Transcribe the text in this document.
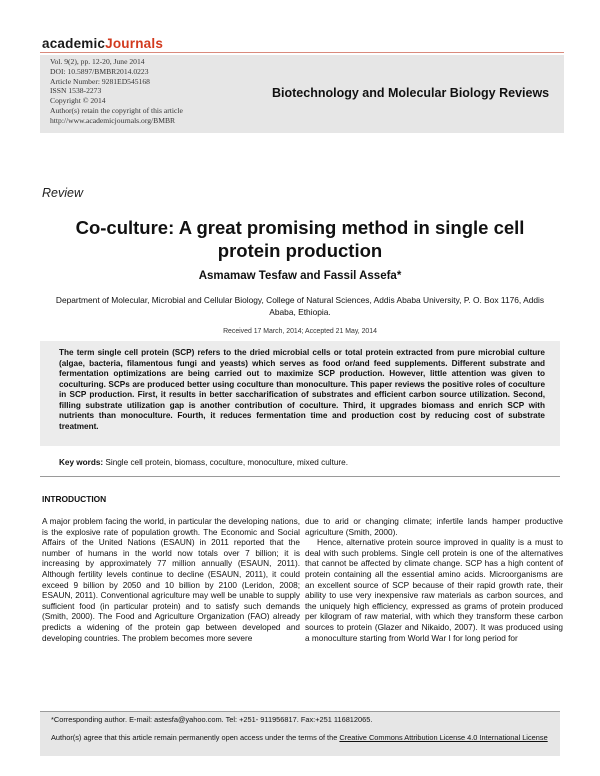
academicJournals
Vol. 9(2), pp. 12-20, June 2014
DOI: 10.5897/BMBR2014.0223
Article Number: 9281ED545168
ISSN 1538-2273
Copyright © 2014
Author(s) retain the copyright of this article
http://www.academicjournals.org/BMBR
Biotechnology and Molecular Biology Reviews
Review
Co-culture: A great promising method in single cell
protein production
Asmamaw Tesfaw and Fassil Assefa*
Department of Molecular, Microbial and Cellular Biology, College of Natural Sciences, Addis Ababa University, P. O. Box 1176, Addis Ababa, Ethiopia.
Received 17 March, 2014; Accepted 21 May, 2014
The term single cell protein (SCP) refers to the dried microbial cells or total protein extracted from pure microbial culture (algae, bacteria, filamentous fungi and yeasts) which serves as food or/and feed supplements. Different substrate and fermentation optimizations are being carried out to maximize SCP production. However, little attention was given to coculturing. SCPs are produced better using coculture than monoculture. This paper reviews the positive roles of coculture in SCP production. First, it results in better saccharification of substrates and efficient carbon source utilization. Second, filling substrate utilization gap is another contribution of coculture. Third, it upgrades biomass and enrich SCP with nutrients than monoculture. Fourth, it reduces fermentation time and production cost by reducing cost of substrate treatment.
Key words: Single cell protein, biomass, coculture, monoculture, mixed culture.
INTRODUCTION

A major problem facing the world, in particular the developing nations, is the explosive rate of population growth. The Economic and Social Affairs of the United Nations (ESAUN) in 2011 reported that the number of humans in the world now totals over 7 billion; it is increasing by approximately 77 million annually (ESAUN, 2011). Although fertility levels continue to decline (ESAUN, 2011), it could exceed 9 billion by 2050 and 10 billion by 2100 (Leridon, 2008; ESAUN, 2011). Conventional agriculture may well be unable to supply sufficient food (in particular protein) and to satisfy such demands (Smith, 2000). The Food and Agriculture Organization (FAO) already predicts a widening of the protein gap between developed and developing countries. The problem becomes more severe

due to arid or changing climate; infertile lands hamper productive agriculture (Smith, 2000).

Hence, alternative protein source improved in quality is a must to deal with such problems. Single cell protein is one of the alternatives that cannot be affected by climate change. SCP has a high content of protein containing all the essential amino acids. Microorganisms are an excellent source of SCP because of their rapid growth rate, their ability to use very inexpensive raw materials as carbon sources, and the uniquely high efficiency, expressed as grams of protein produced per kilogram of raw material, with which they transform these carbon sources to protein (Glazer and Nikaido, 2007). It was produced using a monoculture starting from World War I for long period for

*Corresponding author. E-mail: astesfa@yahoo.com. Tel: +251- 911956817. Fax:+251 116812065.
Author(s) agree that this article remain permanently open access under the terms of the Creative Commons Attribution License 4.0 International License
